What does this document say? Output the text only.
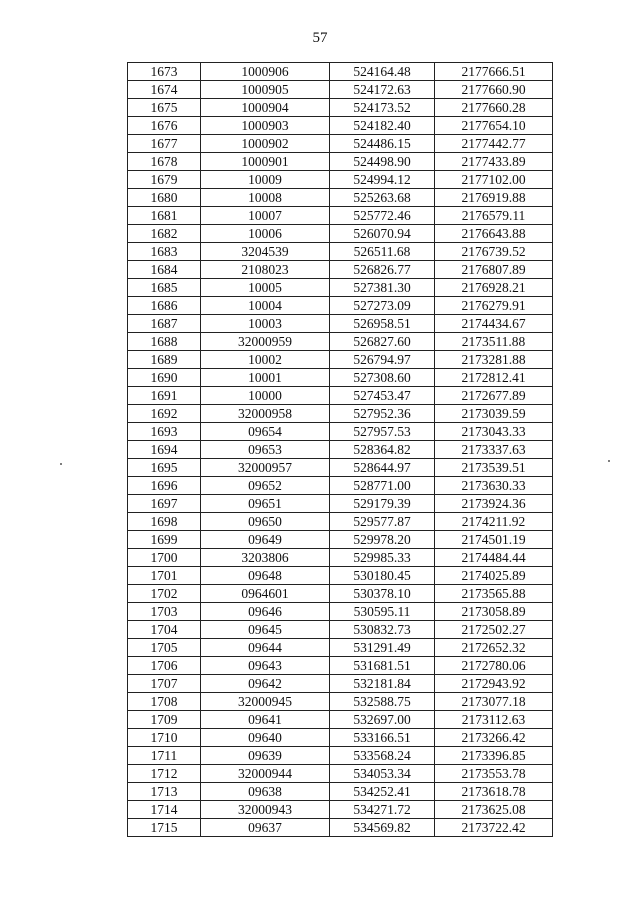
57
1673	1000906	524164.48	2177666.51
1674	1000905	524172.63	2177660.90
1675	1000904	524173.52	2177660.28
1676	1000903	524182.40	2177654.10
1677	1000902	524486.15	2177442.77
1678	1000901	524498.90	2177433.89
1679	10009	524994.12	2177102.00
1680	10008	525263.68	2176919.88
1681	10007	525772.46	2176579.11
1682	10006	526070.94	2176643.88
1683	3204539	526511.68	2176739.52
1684	2108023	526826.77	2176807.89
1685	10005	527381.30	2176928.21
1686	10004	527273.09	2176279.91
1687	10003	526958.51	2174434.67
1688	32000959	526827.60	2173511.88
1689	10002	526794.97	2173281.88
1690	10001	527308.60	2172812.41
1691	10000	527453.47	2172677.89
1692	32000958	527952.36	2173039.59
1693	09654	527957.53	2173043.33
1694	09653	528364.82	2173337.63
1695	32000957	528644.97	2173539.51
1696	09652	528771.00	2173630.33
1697	09651	529179.39	2173924.36
1698	09650	529577.87	2174211.92
1699	09649	529978.20	2174501.19
1700	3203806	529985.33	2174484.44
1701	09648	530180.45	2174025.89
1702	0964601	530378.10	2173565.88
1703	09646	530595.11	2173058.89
1704	09645	530832.73	2172502.27
1705	09644	531291.49	2172652.32
1706	09643	531681.51	2172780.06
1707	09642	532181.84	2172943.92
1708	32000945	532588.75	2173077.18
1709	09641	532697.00	2173112.63
1710	09640	533166.51	2173266.42
1711	09639	533568.24	2173396.85
1712	32000944	534053.34	2173553.78
1713	09638	534252.41	2173618.78
1714	32000943	534271.72	2173625.08
1715	09637	534569.82	2173722.42
